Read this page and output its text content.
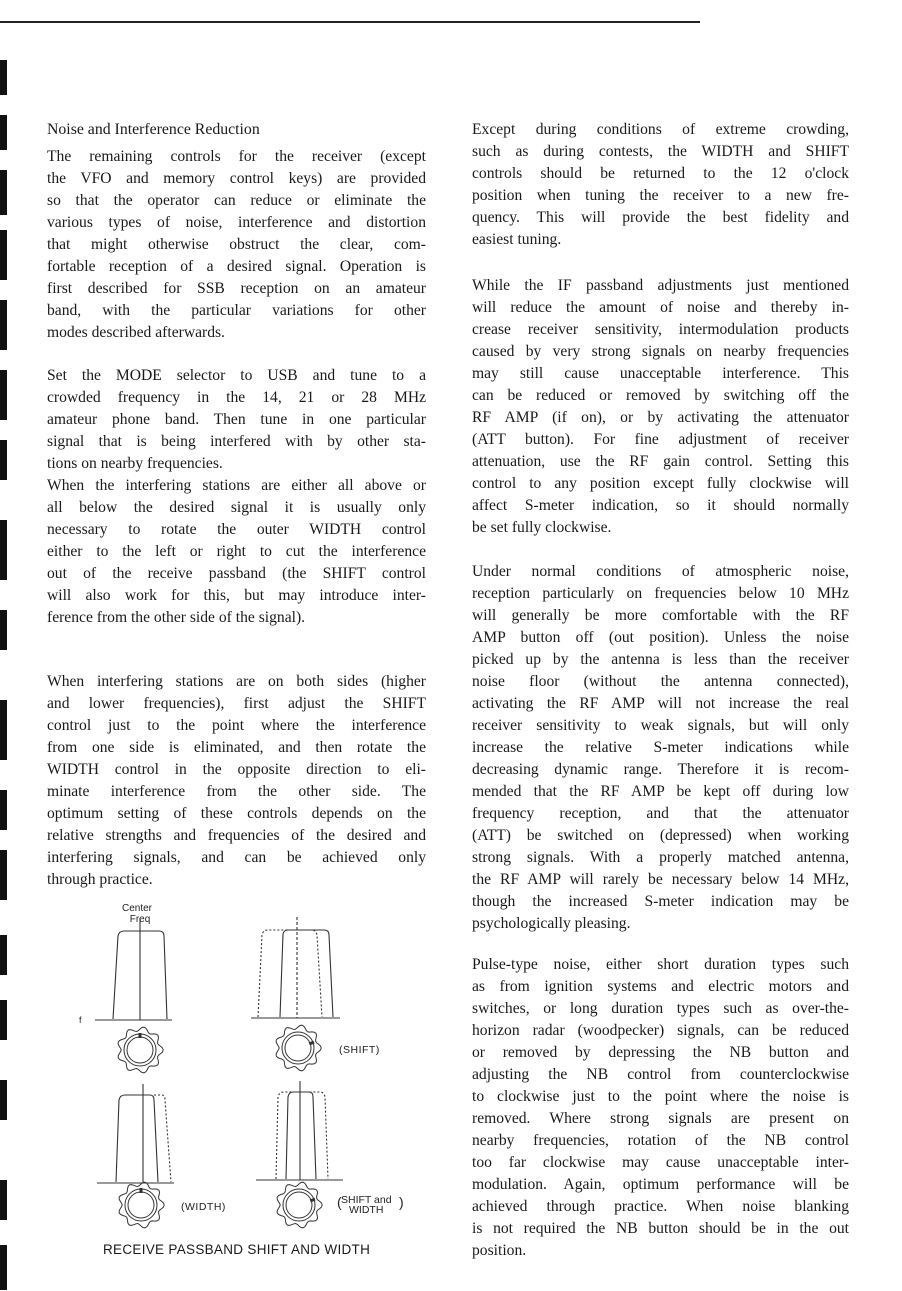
Noise and Interference Reduction
The remaining controls for the receiver (except
the VFO and memory control keys) are provided
so that the operator can reduce or eliminate the
various types of noise, interference and distortion
that might otherwise obstruct the clear, com-
fortable reception of a desired signal. Operation is
first described for SSB reception on an amateur
band, with the particular variations for other
modes described afterwards.
Set the MODE selector to USB and tune to a
crowded frequency in the 14, 21 or 28 MHz
amateur phone band. Then tune in one particular
signal that is being interfered with by other sta-
tions on nearby frequencies.
When the interfering stations are either all above or
all below the desired signal it is usually only
necessary to rotate the outer WIDTH control
either to the left or right to cut the interference
out of the receive passband (the SHIFT control
will also work for this, but may introduce inter-
ference from the other side of the signal).
When interfering stations are on both sides (higher
and lower frequencies), first adjust the SHIFT
control just to the point where the interference
from one side is eliminated, and then rotate the
WIDTH control in the opposite direction to eli-
minate interference from the other side. The
optimum setting of these controls depends on the
relative strengths and frequencies of the desired and
interfering signals, and can be achieved only
through practice.
Except during conditions of extreme crowding,
such as during contests, the WIDTH and SHIFT
controls should be returned to the 12 o'clock
position when tuning the receiver to a new fre-
quency. This will provide the best fidelity and
easiest tuning.
While the IF passband adjustments just mentioned
will reduce the amount of noise and thereby in-
crease receiver sensitivity, intermodulation products
caused by very strong signals on nearby frequencies
may still cause unacceptable interference. This
can be reduced or removed by switching off the
RF AMP (if on), or by activating the attenuator
(ATT button). For fine adjustment of receiver
attenuation, use the RF gain control. Setting this
control to any position except fully clockwise will
affect S-meter indication, so it should normally
be set fully clockwise.
Under normal conditions of atmospheric noise,
reception particularly on frequencies below 10 MHz
will generally be more comfortable with the RF
AMP button off (out position). Unless the noise
picked up by the antenna is less than the receiver
noise floor (without the antenna connected),
activating the RF AMP will not increase the real
receiver sensitivity to weak signals, but will only
increase the relative S-meter indications while
decreasing dynamic range. Therefore it is recom-
mended that the RF AMP be kept off during low
frequency reception, and that the attenuator
(ATT) be switched on (depressed) when working
strong signals. With a properly matched antenna,
the RF AMP will rarely be necessary below 14 MHz,
though the increased S-meter indication may be
psychologically pleasing.
Pulse-type noise, either short duration types such
as from ignition systems and electric motors and
switches, or long duration types such as over-the-
horizon radar (woodpecker) signals, can be reduced
or removed by depressing the NB button and
adjusting the NB control from counterclockwise
to clockwise just to the point where the noise is
removed. Where strong signals are present on
nearby frequencies, rotation of the NB control
too far clockwise may cause unacceptable inter-
modulation. Again, optimum performance will be
achieved through practice. When noise blanking
is not required the NB button should be in the out
position.
Center
Freq
f
(SHIFT)
(WIDTH)	( SHIFT and
WIDTH )
RECEIVE PASSBAND SHIFT AND WIDTH
